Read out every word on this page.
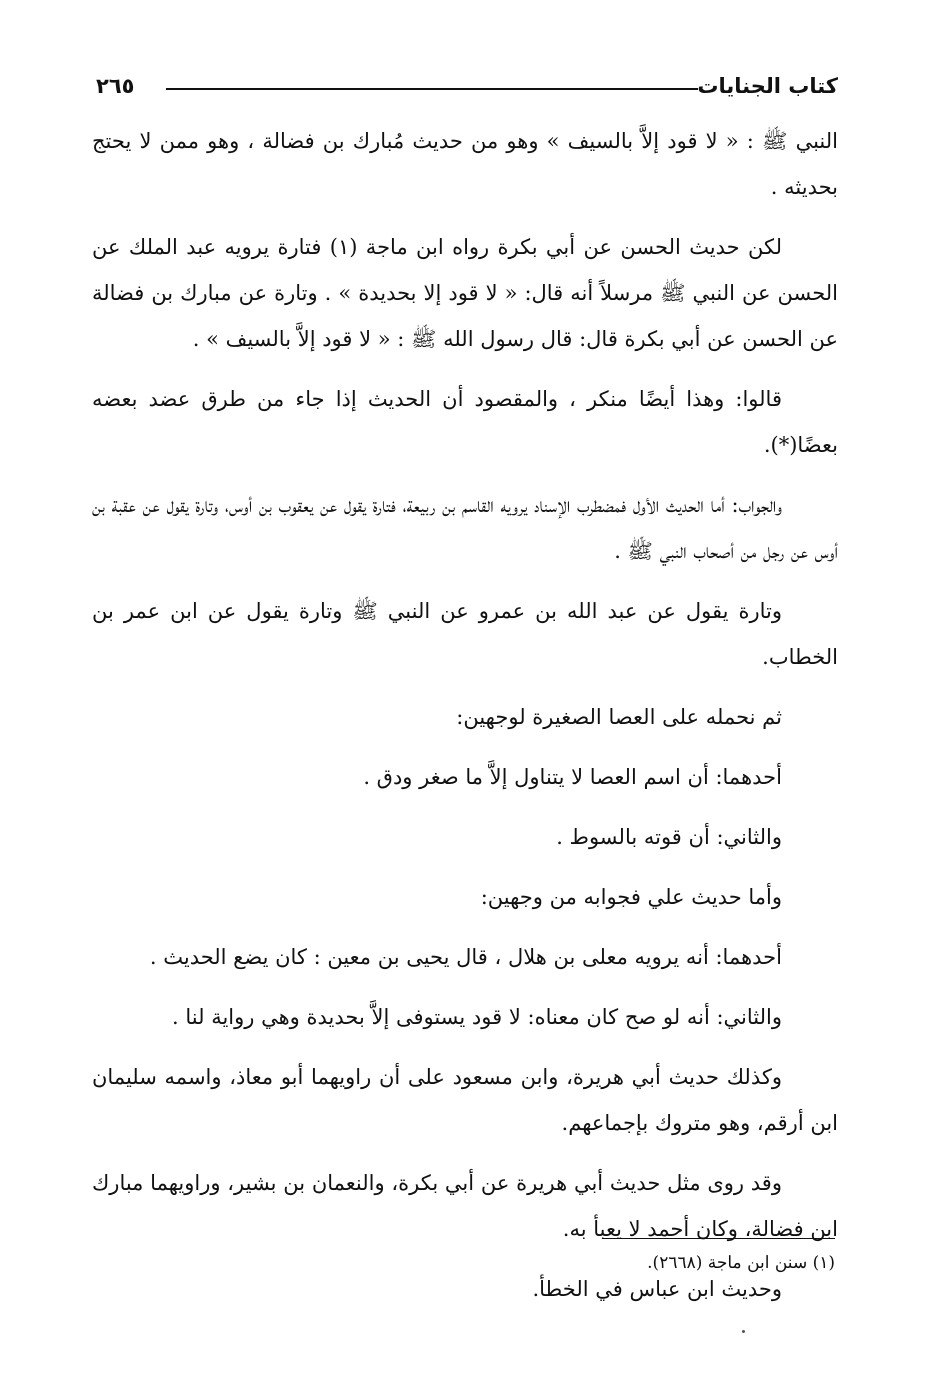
كتاب الجنايات
٢٦٥

النبي ﷺ : « لا قود إلاَّ بالسيف » وهو من حديث مُبارك بن فضالة ، وهو ممن لا يحتج بحديثه .

لكن حديث الحسن عن أبي بكرة رواه ابن ماجة (١) فتارة يرويه عبد الملك عن الحسن عن النبي ﷺ مرسلاً أنه قال: « لا قود إلا بحديدة » . وتارة عن مبارك بن فضالة عن الحسن عن أبي بكرة قال: قال رسول الله ﷺ : « لا قود إلاَّ بالسيف » .

قالوا: وهذا أيضًا منكر ، والمقصود أن الحديث إذا جاء من طرق عضد بعضه بعضًا(*).

والجواب: أما الحديث الأول فمضطرب الإسناد يرويه القاسم بن ربيعة، فتارة يقول عن يعقوب بن أوس، وتارة يقول عن عقبة بن أوس عن رجل من أصحاب النبي ﷺ .

وتارة يقول عن عبد الله بن عمرو عن النبي ﷺ وتارة يقول عن ابن عمر بن الخطاب.

ثم نحمله على العصا الصغيرة لوجهين:

أحدهما: أن اسم العصا لا يتناول إلاَّ ما صغر ودق .

والثاني: أن قوته بالسوط .

وأما حديث علي فجوابه من وجهين:

أحدهما: أنه يرويه معلى بن هلال ، قال يحيى بن معين : كان يضع الحديث .

والثاني: أنه لو صح كان معناه: لا قود يستوفى إلاَّ بحديدة وهي رواية لنا .

وكذلك حديث أبي هريرة، وابن مسعود على أن راويهما أبو معاذ، واسمه سليمان ابن أرقم، وهو متروك بإجماعهم.

وقد روى مثل حديث أبي هريرة عن أبي بكرة، والنعمان بن بشير، وراويهما مبارك ابن فضالة، وكان أحمد لا يعبأ به.

وحديث ابن عباس في الخطأ.

(١) سنن ابن ماجة (٢٦٦٨).
